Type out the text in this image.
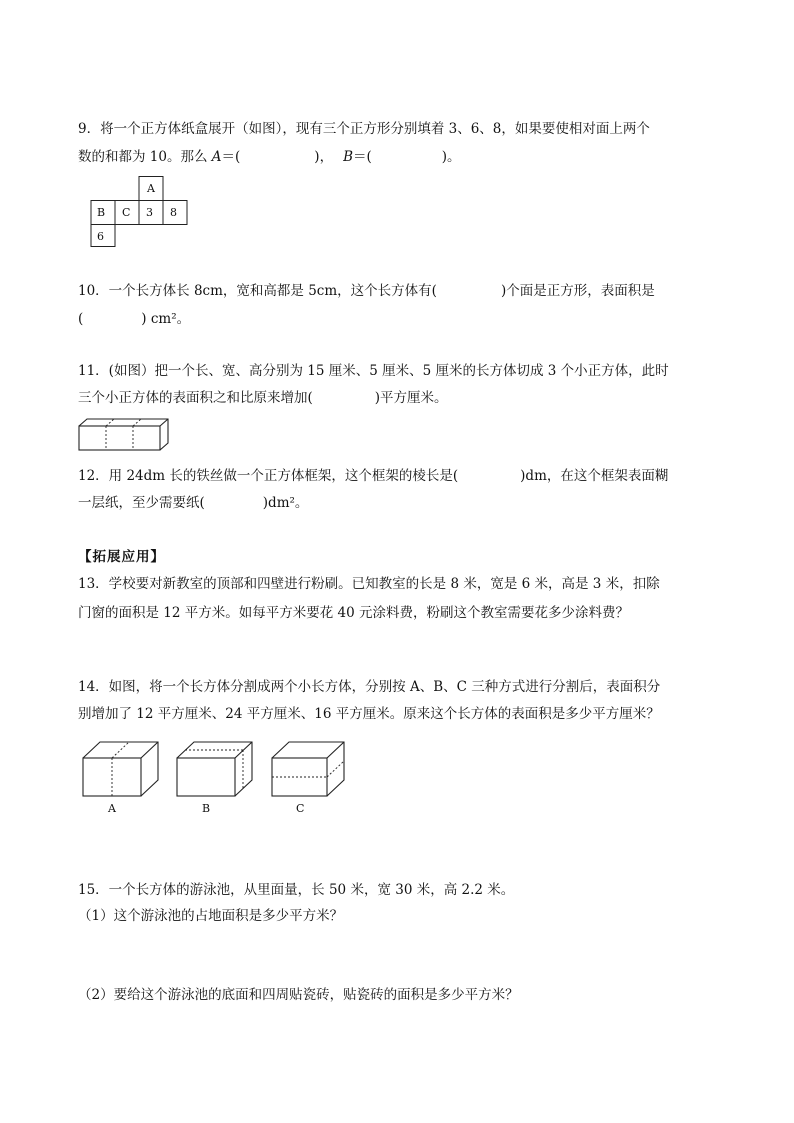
9．将一个正方体纸盒展开（如图），现有三个正方形分别填着 3、6、8，如果要使相对面上两个
数的和都为 10。那么 A＝(	)， B＝(	)。
A
B C 3 8
6
10．一个长方体长 8cm，宽和高都是 5cm，这个长方体有(	)个面是正方形，表面积是
(	) cm²。
11．(如图）把一个长、宽、高分别为 15 厘米、5 厘米、5 厘米的长方体切成 3 个小正方体，此时
三个小正方体的表面积之和比原来增加(	)平方厘米。
12．用 24dm 长的铁丝做一个正方体框架，这个框架的棱长是(	)dm，在这个框架表面糊
一层纸，至少需要纸(	)dm²。
【拓展应用】
13．学校要对新教室的顶部和四壁进行粉刷。已知教室的长是 8 米，宽是 6 米，高是 3 米，扣除
门窗的面积是 12 平方米。如每平方米要花 40 元涂料费，粉刷这个教室需要花多少涂料费？
14．如图，将一个长方体分割成两个小长方体，分别按 A、B、C 三种方式进行分割后，表面积分
别增加了 12 平方厘米、24 平方厘米、16 平方厘米。原来这个长方体的表面积是多少平方厘米？
A	B	C
15．一个长方体的游泳池，从里面量，长 50 米，宽 30 米，高 2.2 米。
（1）这个游泳池的占地面积是多少平方米？
（2）要给这个游泳池的底面和四周贴瓷砖，贴瓷砖的面积是多少平方米？
